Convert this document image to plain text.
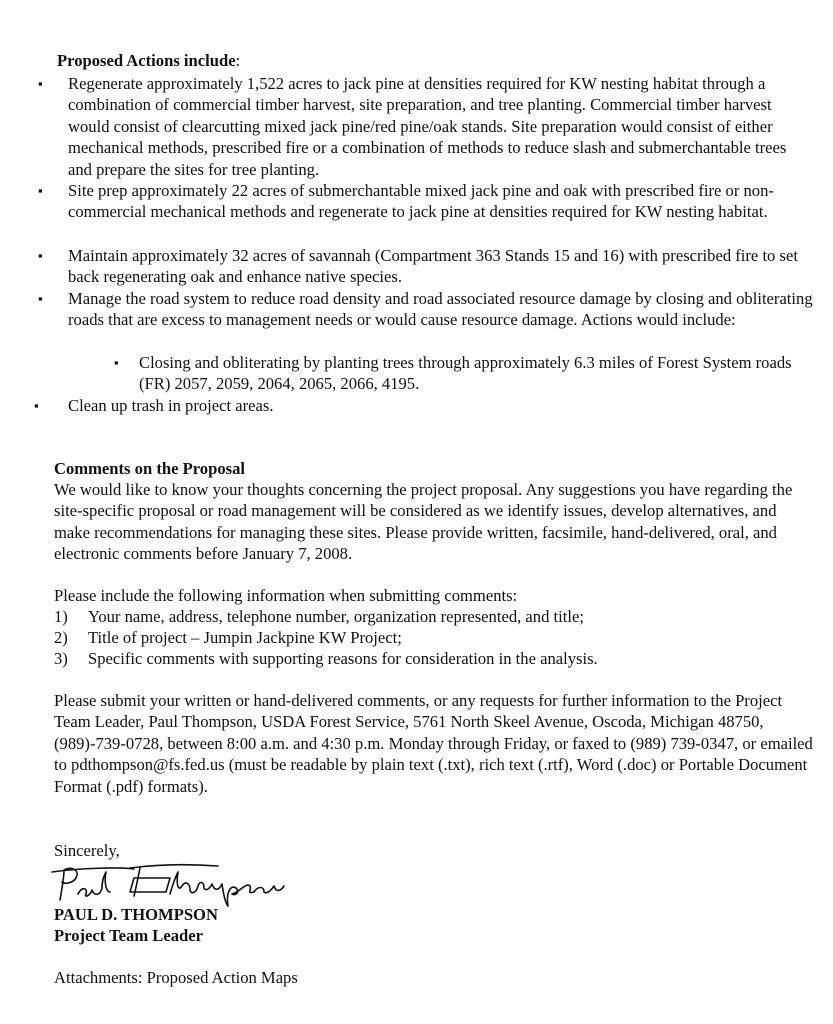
Proposed Actions include:
▪	Regenerate approximately 1,522 acres to jack pine at densities required for KW nesting habitat through a combination of commercial timber harvest, site preparation, and tree planting. Commercial timber harvest would consist of clearcutting mixed jack pine/red pine/oak stands. Site preparation would consist of either mechanical methods, prescribed fire or a combination of methods to reduce slash and submerchantable trees and prepare the sites for tree planting.
▪	Site prep approximately 22 acres of submerchantable mixed jack pine and oak with prescribed fire or non-commercial mechanical methods and regenerate to jack pine at densities required for KW nesting habitat.
▪	Maintain approximately 32 acres of savannah (Compartment 363 Stands 15 and 16) with prescribed fire to set back regenerating oak and enhance native species.
▪	Manage the road system to reduce road density and road associated resource damage by closing and obliterating roads that are excess to management needs or would cause resource damage. Actions would include:
▪	Closing and obliterating by planting trees through approximately 6.3 miles of Forest System roads (FR) 2057, 2059, 2064, 2065, 2066, 4195.
▪	Clean up trash in project areas.
Comments on the Proposal
We would like to know your thoughts concerning the project proposal. Any suggestions you have regarding the site-specific proposal or road management will be considered as we identify issues, develop alternatives, and make recommendations for managing these sites. Please provide written, facsimile, hand-delivered, oral, and electronic comments before January 7, 2008.
Please include the following information when submitting comments:
1) Your name, address, telephone number, organization represented, and title;
2) Title of project – Jumpin Jackpine KW Project;
3) Specific comments with supporting reasons for consideration in the analysis.
Please submit your written or hand-delivered comments, or any requests for further information to the Project Team Leader, Paul Thompson, USDA Forest Service, 5761 North Skeel Avenue, Oscoda, Michigan 48750, (989)-739-0728, between 8:00 a.m. and 4:30 p.m. Monday through Friday, or faxed to (989) 739-0347, or emailed to pdthompson@fs.fed.us (must be readable by plain text (.txt), rich text (.rtf), Word (.doc) or Portable Document Format (.pdf) formats).
Sincerely,
PAUL D. THOMPSON
Project Team Leader
Attachments: Proposed Action Maps
